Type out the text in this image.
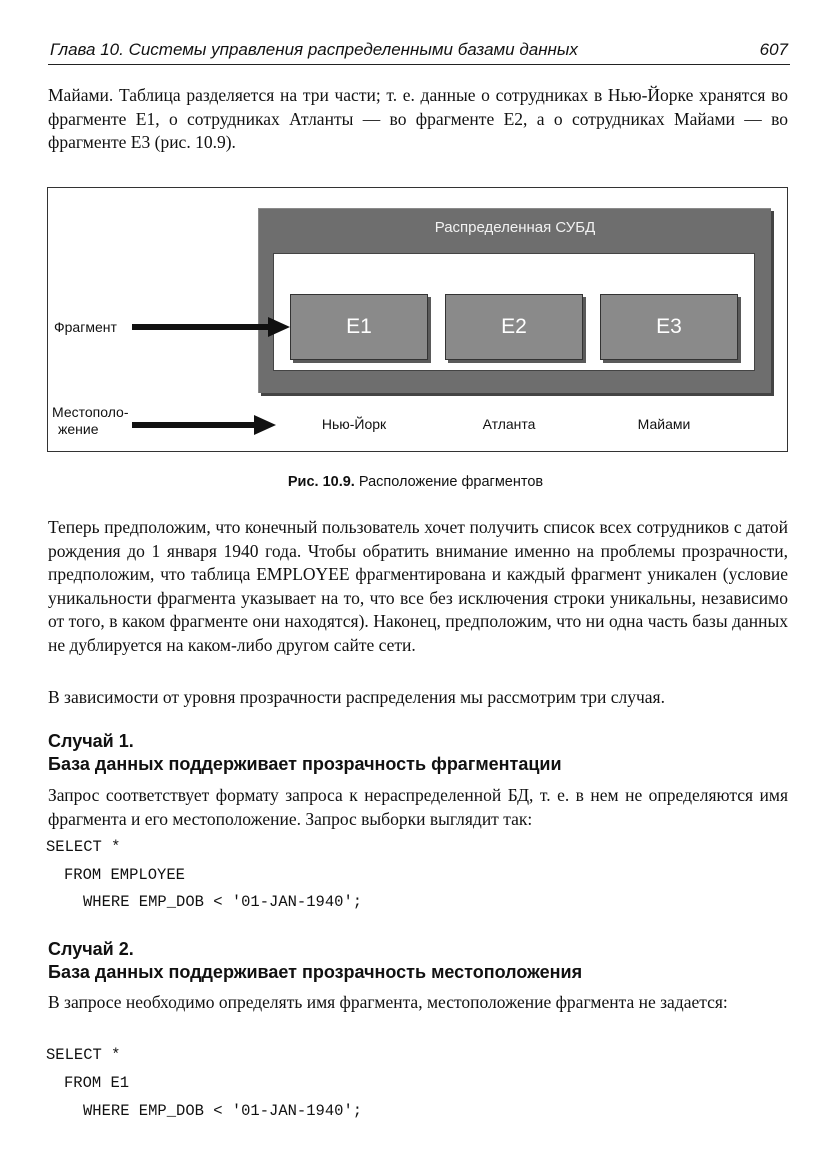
Глава 10. Системы управления распределенными базами данных	607

Майами. Таблица разделяется на три части; т. е. данные о сотрудниках в Нью-Йорке хранятся во фрагменте E1, о сотрудниках Атланты — во фрагменте E2, а о сотрудниках Майами — во фрагменте E3 (рис. 10.9).

Распределенная СУБД
E1	E2	E3
Фрагмент
Местополо-
жение	Нью-Йорк	Атланта	Майами
Рис. 10.9. Расположение фрагментов

Теперь предположим, что конечный пользователь хочет получить список всех сотрудников с датой рождения до 1 января 1940 года. Чтобы обратить внимание именно на проблемы прозрачности, предположим, что таблица EMPLOYEE фрагментирована и каждый фрагмент уникален (условие уникальности фрагмента указывает на то, что все без исключения строки уникальны, независимо от того, в каком фрагменте они находятся). Наконец, предположим, что ни одна часть базы данных не дублируется на каком-либо другом сайте сети.

В зависимости от уровня прозрачности распределения мы рассмотрим три случая.

Случай 1.
База данных поддерживает прозрачность фрагментации

Запрос соответствует формату запроса к нераспределенной БД, т. е. в нем не определяются имя фрагмента и его местоположение. Запрос выборки выглядит так:

SELECT *
FROM EMPLOYEE
WHERE EMP_DOB < '01-JAN-1940';
Случай 2.
База данных поддерживает прозрачность местоположения

В запросе необходимо определять имя фрагмента, местоположение фрагмента не задается:

SELECT *
FROM E1
WHERE EMP_DOB < '01-JAN-1940';
